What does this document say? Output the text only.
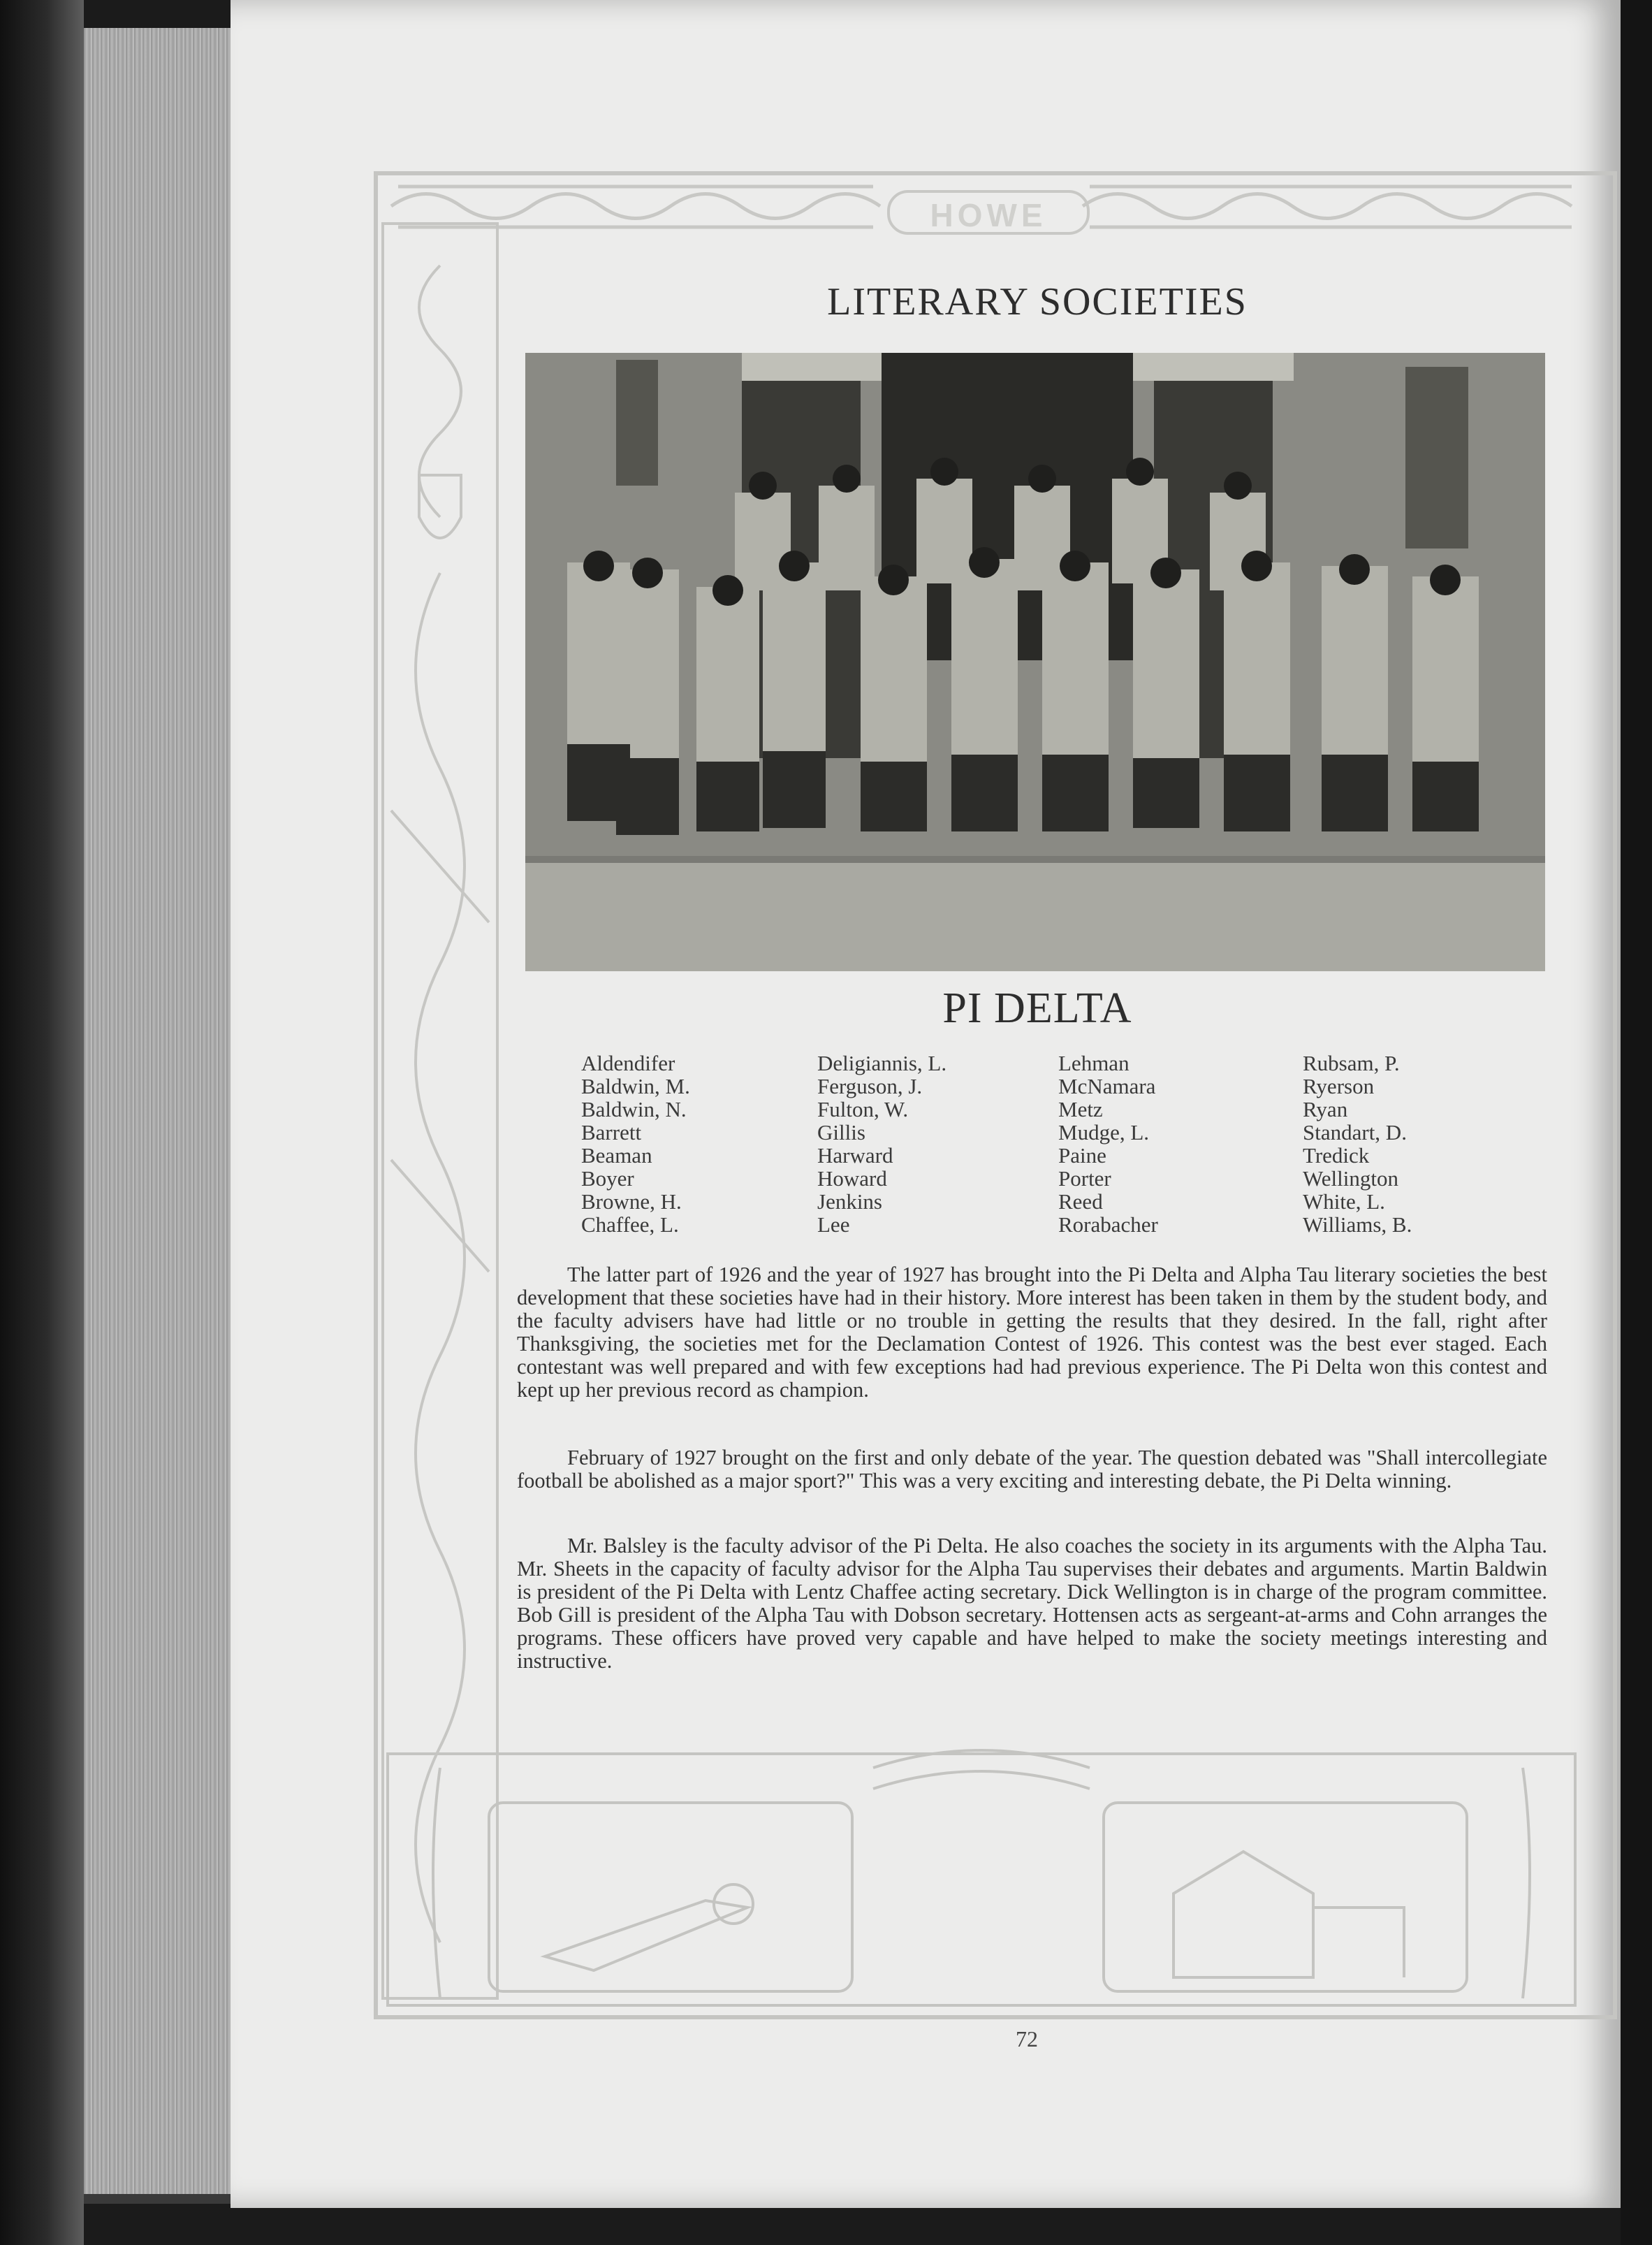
HOWE
LITERARY SOCIETIES
PI DELTA
Aldendifer
Baldwin, M.
Baldwin, N.
Barrett
Beaman
Boyer
Browne, H.
Chaffee, L.
Deligiannis, L.
Ferguson, J.
Fulton, W.
Gillis
Harward
Howard
Jenkins
Lee
Lehman
McNamara
Metz
Mudge, L.
Paine
Porter
Reed
Rorabacher
Rubsam, P.
Ryerson
Ryan
Standart, D.
Tredick
Wellington
White, L.
Williams, B.

The latter part of 1926 and the year of 1927 has brought into the Pi Delta and Alpha Tau literary societies the best development that these societies have had in their history. More interest has been taken in them by the student body, and the faculty advisers have had little or no trouble in getting the results that they desired. In the fall, right after Thanksgiving, the societies met for the Declamation Contest of 1926. This contest was the best ever staged. Each contestant was well prepared and with few exceptions had had previous experience. The Pi Delta won this contest and kept up her previous record as champion.

February of 1927 brought on the first and only debate of the year. The question debated was "Shall intercollegiate football be abolished as a major sport?" This was a very exciting and interesting debate, the Pi Delta winning.

Mr. Balsley is the faculty advisor of the Pi Delta. He also coaches the society in its arguments with the Alpha Tau. Mr. Sheets in the capacity of faculty advisor for the Alpha Tau supervises their debates and arguments. Martin Baldwin is president of the Pi Delta with Lentz Chaffee acting secretary. Dick Wellington is in charge of the program committee. Bob Gill is president of the Alpha Tau with Dobson secretary. Hottensen acts as sergeant-at-arms and Cohn arranges the programs. These officers have proved very capable and have helped to make the society meetings interesting and instructive.

72
